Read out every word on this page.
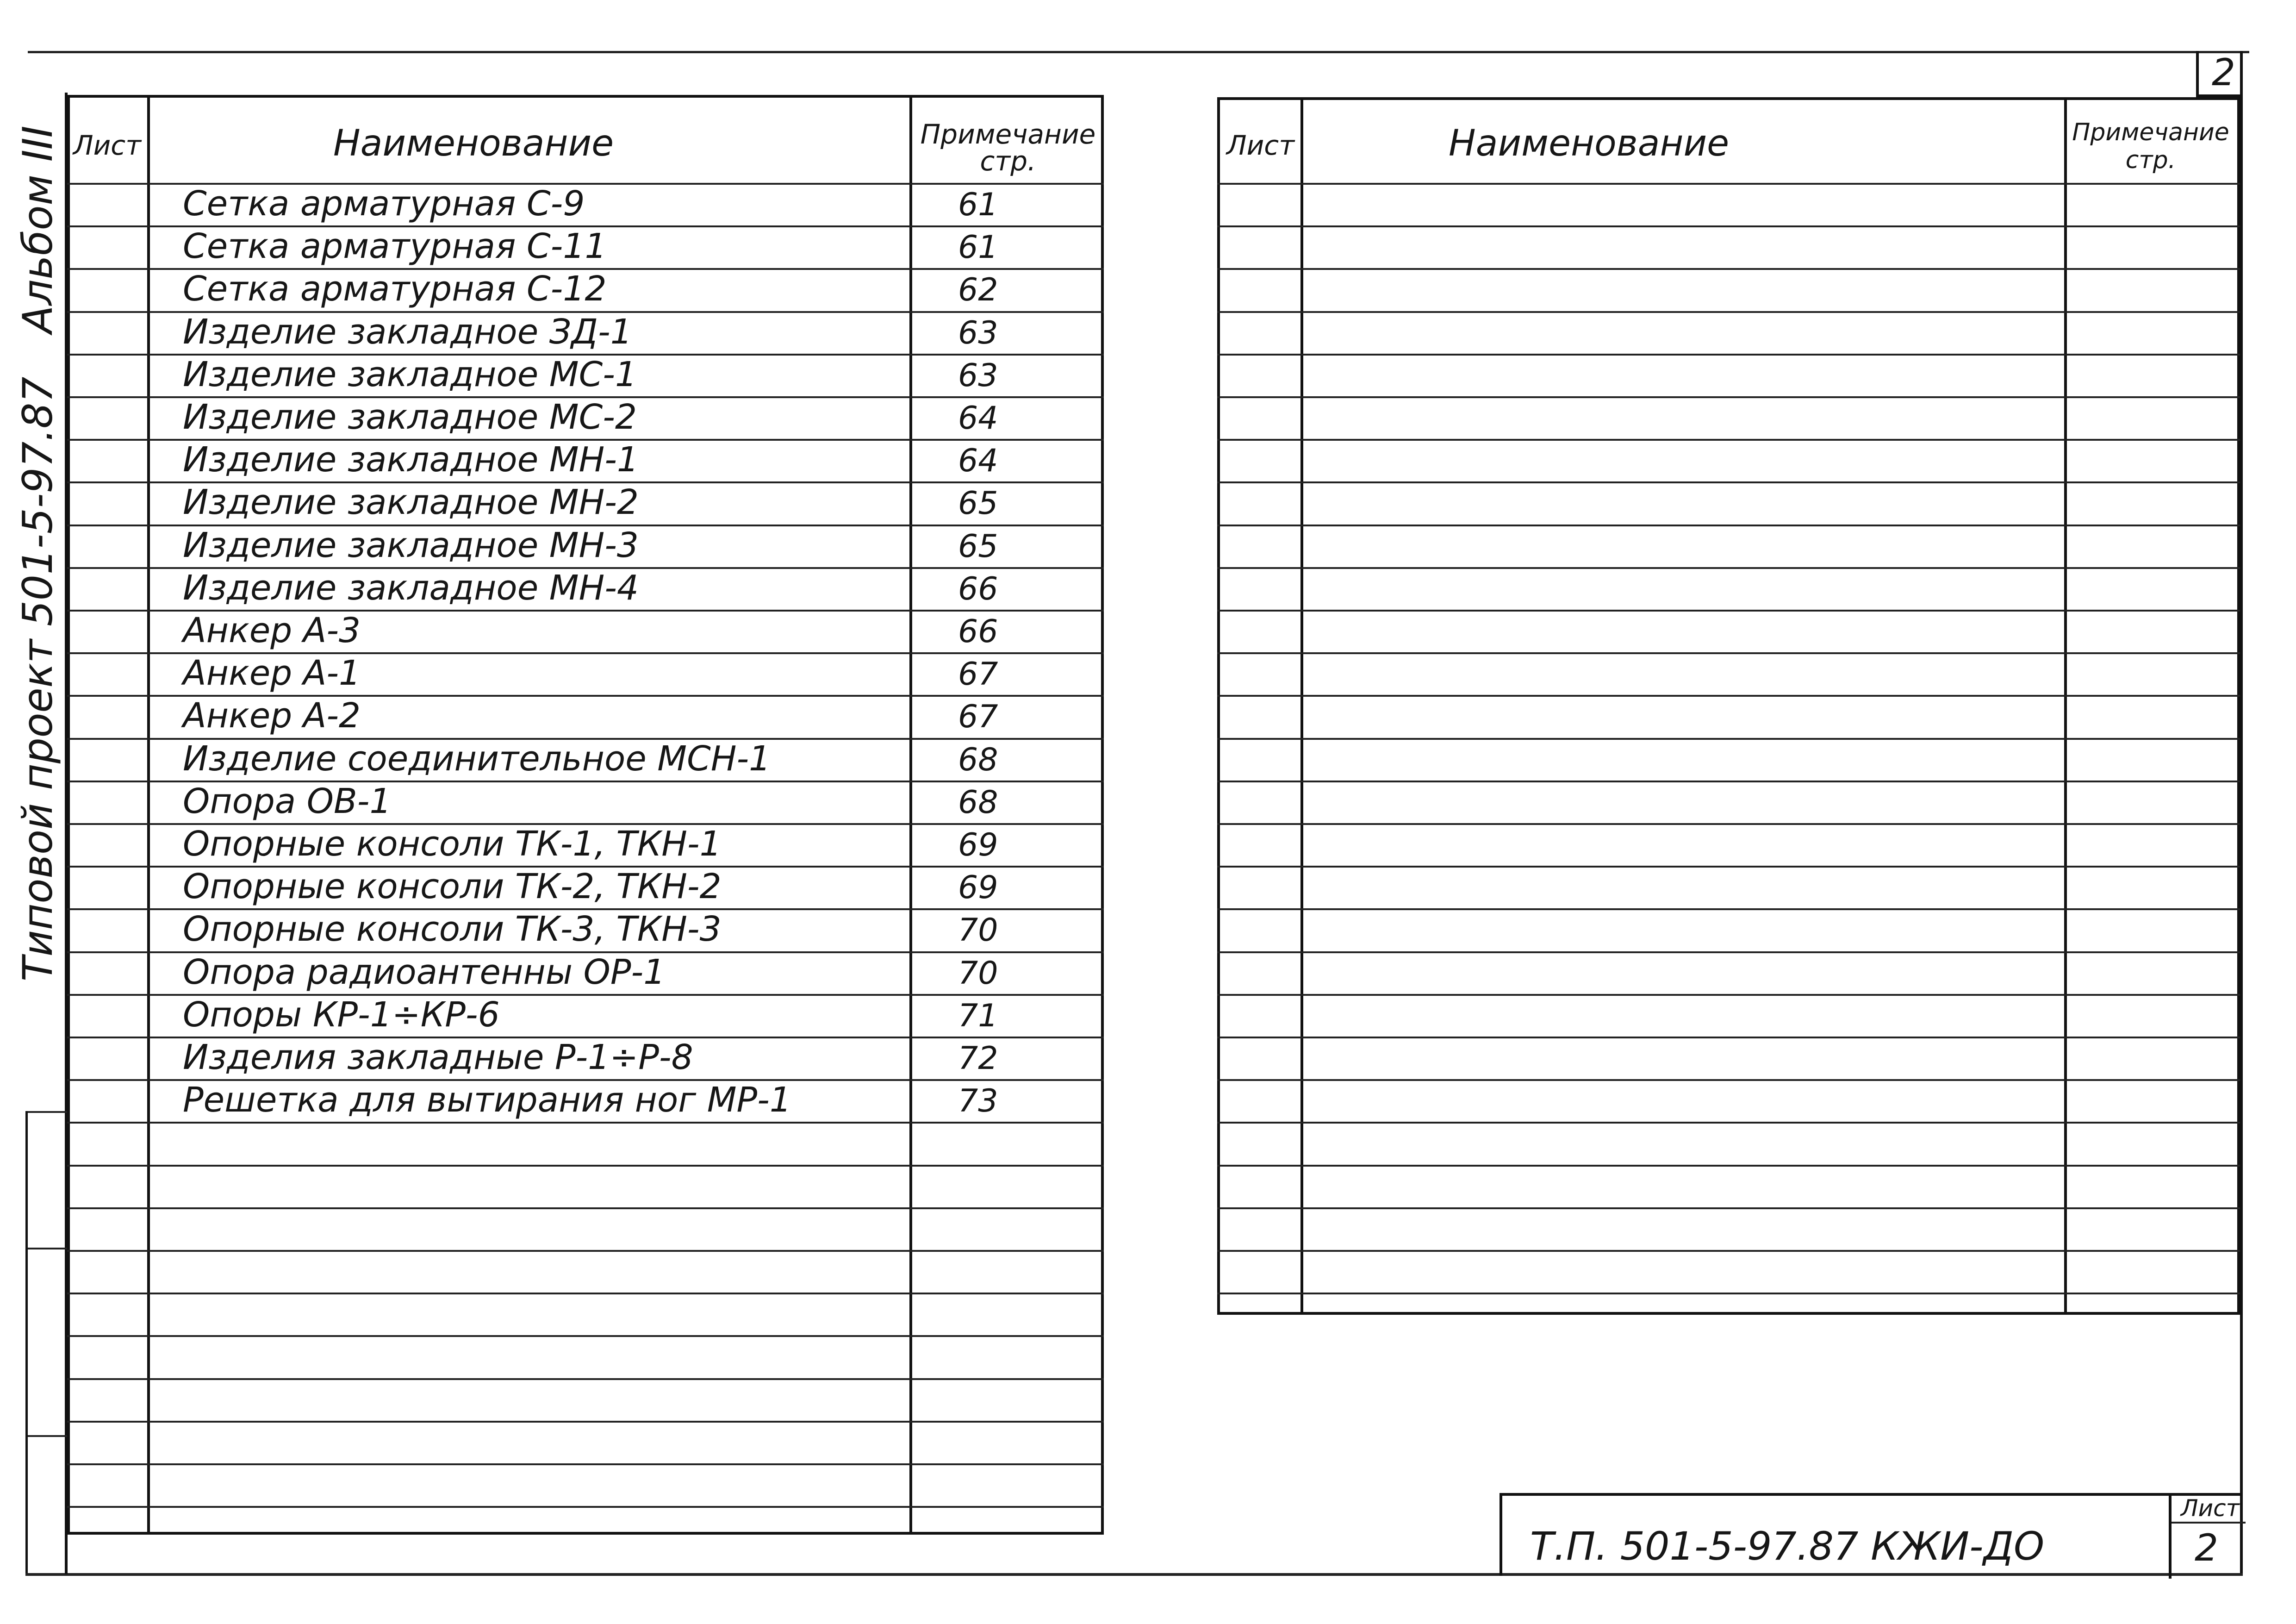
2
Типовой проект 501-5-97.87
Альбом III Лист	Наименование	Примечание
стр.
Сетка арматурная С-9	61
Сетка арматурная С-11	61
Сетка арматурная С-12	62
Изделие закладное ЗД-1	63
Изделие закладное МС-1	63
Изделие закладное МС-2	64
Изделие закладное МН-1	64
Изделие закладное МН-2	65
Изделие закладное МН-3	65
Изделие закладное МН-4	66
Анкер А-3	66
Анкер А-1	67
Анкер А-2	67
Изделие соединительное МСН-1	68
Опора ОВ-1	68
Опорные консоли ТК-1, ТКН-1	69
Опорные консоли ТК-2, ТКН-2	69
Опорные консоли ТК-3, ТКН-3	70
Опора радиоантенны ОР-1	70
Опоры КР-1÷КР-6	71
Изделия закладные Р-1÷Р-8	72
Решетка для вытирания ног МР-1	73
Лист	Наименование	Примечание
стр.
Т.П. 501-5-97.87 КЖИ-ДО
Лист
2
